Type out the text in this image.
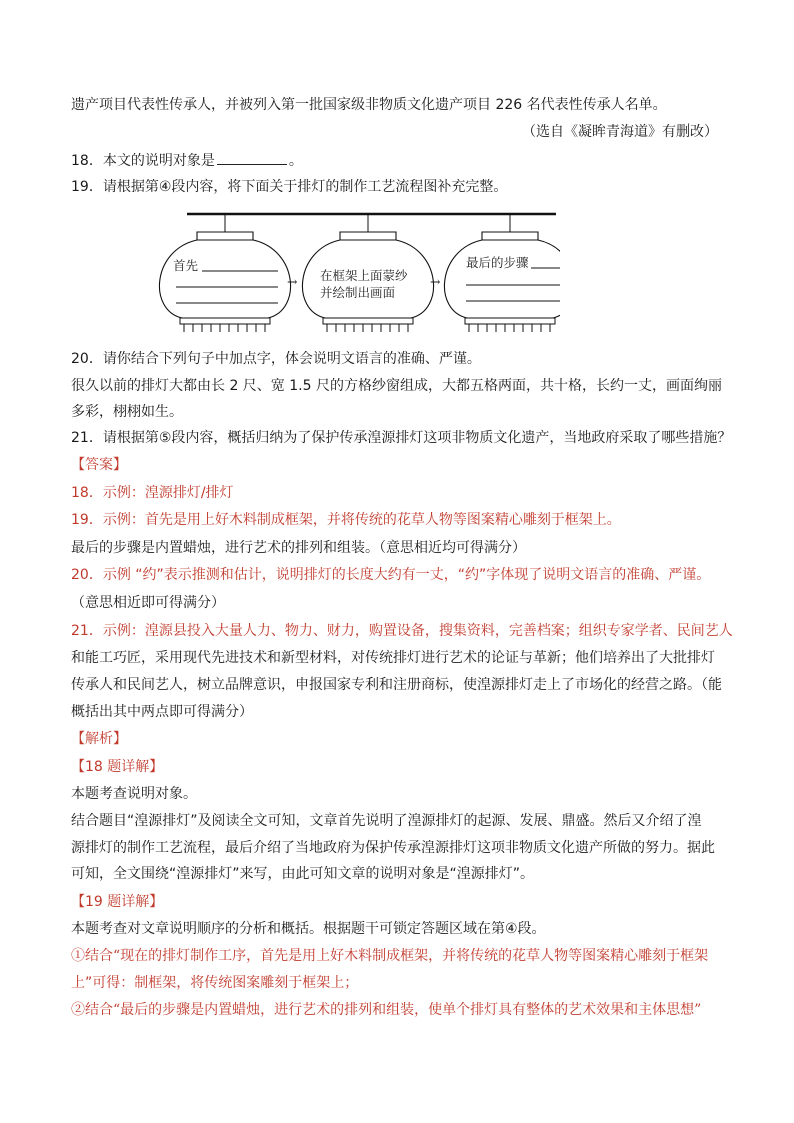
遗产项目代表性传承人，并被列入第一批国家级非物质文化遗产项目 226 名代表性传承人名单。
（选自《凝眸青海道》有删改）
18．本文的说明对象是	。
19．请根据第④段内容，将下面关于排灯的制作工艺流程图补充完整。
首先
→ 在框架上面蒙纱
并绘制出画面
→
最后的步骤
20．请你结合下列句子中加点字，体会说明文语言的准确、严谨。
很久以前的排灯大都由长 2 尺、宽 1.5 尺的方格纱窗组成，大都五格两面，共十格，长约一丈，画面绚丽
多彩，栩栩如生。
21．请根据第⑤段内容，概括归纳为了保护传承湟源排灯这项非物质文化遗产，当地政府采取了哪些措施？
【答案】
18．示例：湟源排灯/排灯
19．示例：首先是用上好木料制成框架，并将传统的花草人物等图案精心雕刻于框架上。
最后的步骤是内置蜡烛，进行艺术的排列和组装。（意思相近均可得满分）
20．示例 “约”表示推测和估计，说明排灯的长度大约有一丈，“约”字体现了说明文语言的准确、严谨。
（意思相近即可得满分）
21．示例：湟源县投入大量人力、物力、财力，购置设备，搜集资料，完善档案；组织专家学者、民间艺人
和能工巧匠，采用现代先进技术和新型材料，对传统排灯进行艺术的论证与革新；他们培养出了大批排灯
传承人和民间艺人，树立品牌意识，申报国家专利和注册商标，使湟源排灯走上了市场化的经营之路。（能
概括出其中两点即可得满分）
【解析】
【18 题详解】
本题考查说明对象。
结合题目“湟源排灯”及阅读全文可知，文章首先说明了湟源排灯的起源、发展、鼎盛。然后又介绍了湟
源排灯的制作工艺流程，最后介绍了当地政府为保护传承湟源排灯这项非物质文化遗产所做的努力。据此
可知，全文围绕“湟源排灯”来写，由此可知文章的说明对象是“湟源排灯”。
【19 题详解】
本题考查对文章说明顺序的分析和概括。根据题干可锁定答题区域在第④段。
①结合“现在的排灯制作工序，首先是用上好木料制成框架，并将传统的花草人物等图案精心雕刻于框架
上”可得：制框架，将传统图案雕刻于框架上；
②结合“最后的步骤是内置蜡烛，进行艺术的排列和组装，使单个排灯具有整体的艺术效果和主体思想”
